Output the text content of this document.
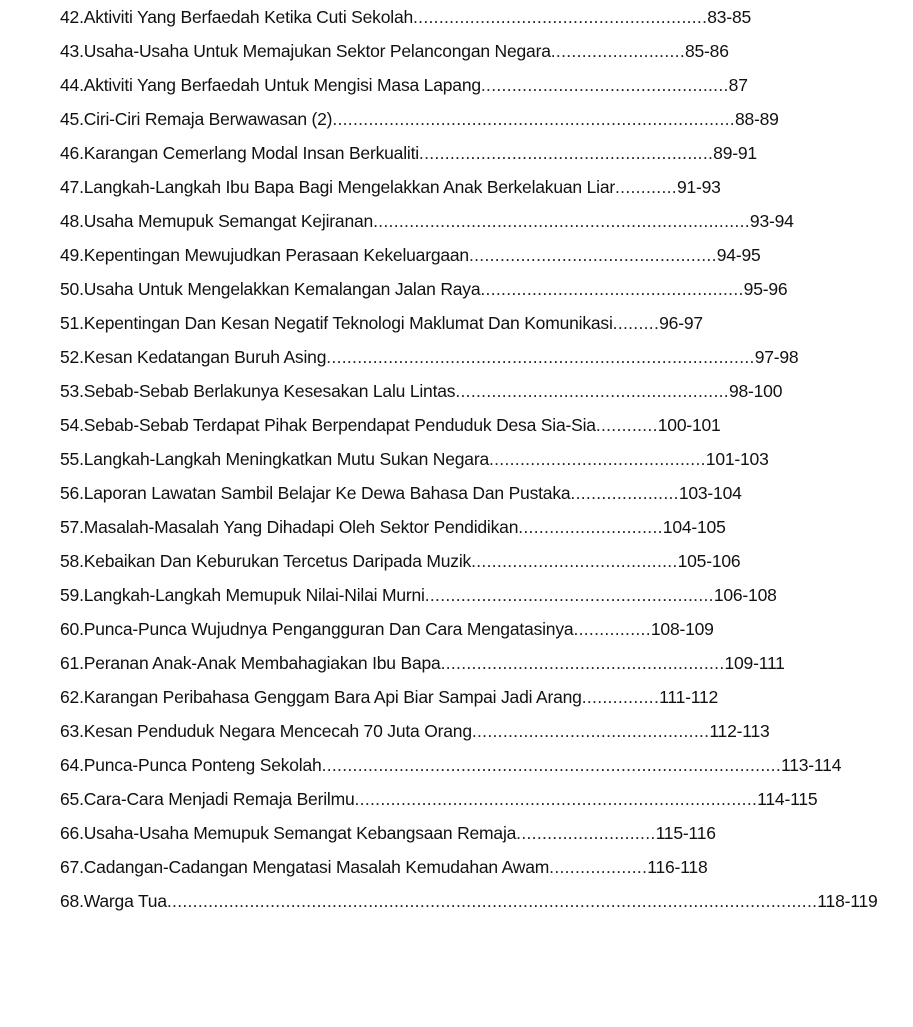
42.Aktiviti Yang Berfaedah Ketika Cuti Sekolah.........................................................83-85
43.Usaha-Usaha Untuk Memajukan Sektor Pelancongan Negara..........................85-86
44.Aktiviti Yang Berfaedah Untuk Mengisi Masa Lapang................................................87
45.Ciri-Ciri Remaja Berwawasan (2)..............................................................................88-89
46.Karangan Cemerlang Modal Insan Berkualiti.........................................................89-91
47.Langkah-Langkah Ibu Bapa Bagi Mengelakkan Anak Berkelakuan Liar............91-93
48.Usaha Memupuk Semangat Kejiranan.........................................................................93-94
49.Kepentingan Mewujudkan Perasaan Kekeluargaan................................................94-95
50.Usaha Untuk Mengelakkan Kemalangan Jalan Raya...................................................95-96
51.Kepentingan Dan Kesan Negatif Teknologi Maklumat Dan Komunikasi.........96-97
52.Kesan Kedatangan Buruh Asing...................................................................................97-98
53.Sebab-Sebab Berlakunya Kesesakan Lalu Lintas.....................................................98-100
54.Sebab-Sebab Terdapat Pihak Berpendapat Penduduk Desa Sia-Sia............100-101
55.Langkah-Langkah Meningkatkan Mutu Sukan Negara..........................................101-103
56.Laporan Lawatan Sambil Belajar Ke Dewa Bahasa Dan Pustaka.....................103-104
57.Masalah-Masalah Yang Dihadapi Oleh Sektor Pendidikan............................104-105
58.Kebaikan Dan Keburukan Tercetus Daripada Muzik........................................105-106
59.Langkah-Langkah Memupuk Nilai-Nilai Murni........................................................106-108
60.Punca-Punca Wujudnya Pengangguran Dan Cara Mengatasinya...............108-109
61.Peranan Anak-Anak Membahagiakan Ibu Bapa.......................................................109-111
62.Karangan Peribahasa Genggam Bara Api Biar Sampai Jadi Arang...............111-112
63.Kesan Penduduk Negara Mencecah 70 Juta Orang..............................................112-113
64.Punca-Punca Ponteng Sekolah.........................................................................................113-114
65.Cara-Cara Menjadi Remaja Berilmu..............................................................................114-115
66.Usaha-Usaha Memupuk Semangat Kebangsaan Remaja...........................115-116
67.Cadangan-Cadangan Mengatasi Masalah Kemudahan Awam...................116-118
68.Warga Tua..............................................................................................................................118-119
